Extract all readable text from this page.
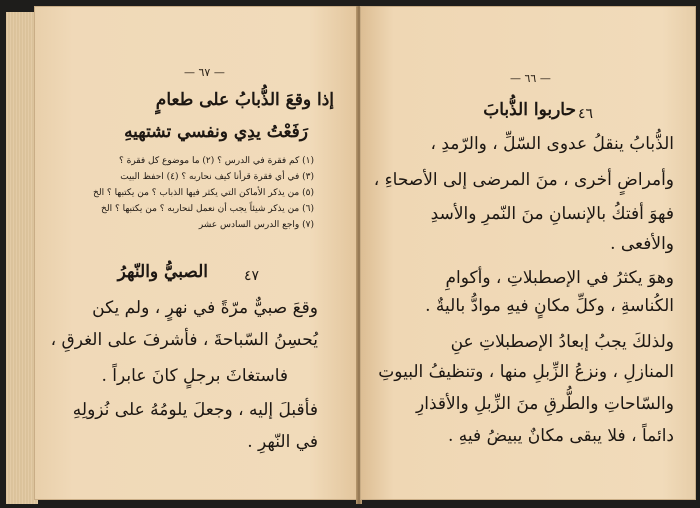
— ٦٧ —
إذا وقعَ الذُّبابُ على طعامٍ
رَفَعْتُ يدِي ونفسي تشتهيهِ
(١) كم فقرة في الدرس ؟ (٢) ما موضوع كل فقرة ؟
(٣) في أي فقرة قرأنا كيف نحاربه ؟ (٤) احفظ البيت
(٥) من يذكر الأماكن التي يكثر فيها الذباب ؟ من يكتبها ؟ الخ
(٦) من يذكر شيئاً يجب أن نعمل لنحاربه ؟ من يكتبها ؟ الخ
(٧) واجع الدرس السادس عشر
٤٧
الصبيُّ والنّهرُ
وقعَ صبيٌّ مرّةً في نهرٍ ، ولم يكن
يُحسِنُ السّباحةَ ، فأشرفَ على الغرقِ ،
فاستغاثَ برجلٍ كانَ عابراً .
فأقبلَ إليه ، وجعلَ يلومُهُ على نُزولِهِ
في النّهرِ .
— ٦٦ —
٤٦
حاربوا الذُّبابَ
الذُّبابُ ينقلُ عدوى السّلِّ ، والرّمدِ ،
وأمراضٍ أخرى ، منَ المرضى إلى الأصحاءِ ،
فهوَ أفتكُ بالإنسانِ منَ النّمرِ والأسدِ
والأفعى .
وهوَ يكثرُ في الإصطبلاتِ ، وأكوامِ
الكُناسةِ ، وكلِّ مكانٍ فيهِ موادُّ باليةٌ .
ولذلكَ يجبُ إبعادُ الإصطبلاتِ عنِ
المنازلِ ، ونزعُ الزِّبلِ منها ، وتنظيفُ البيوتِ
والسّاحاتِ والطُّرقِ منَ الزِّبلِ والأقذارِ
دائماً ، فلا يبقى مكانٌ يبيضُ فيهِ .
